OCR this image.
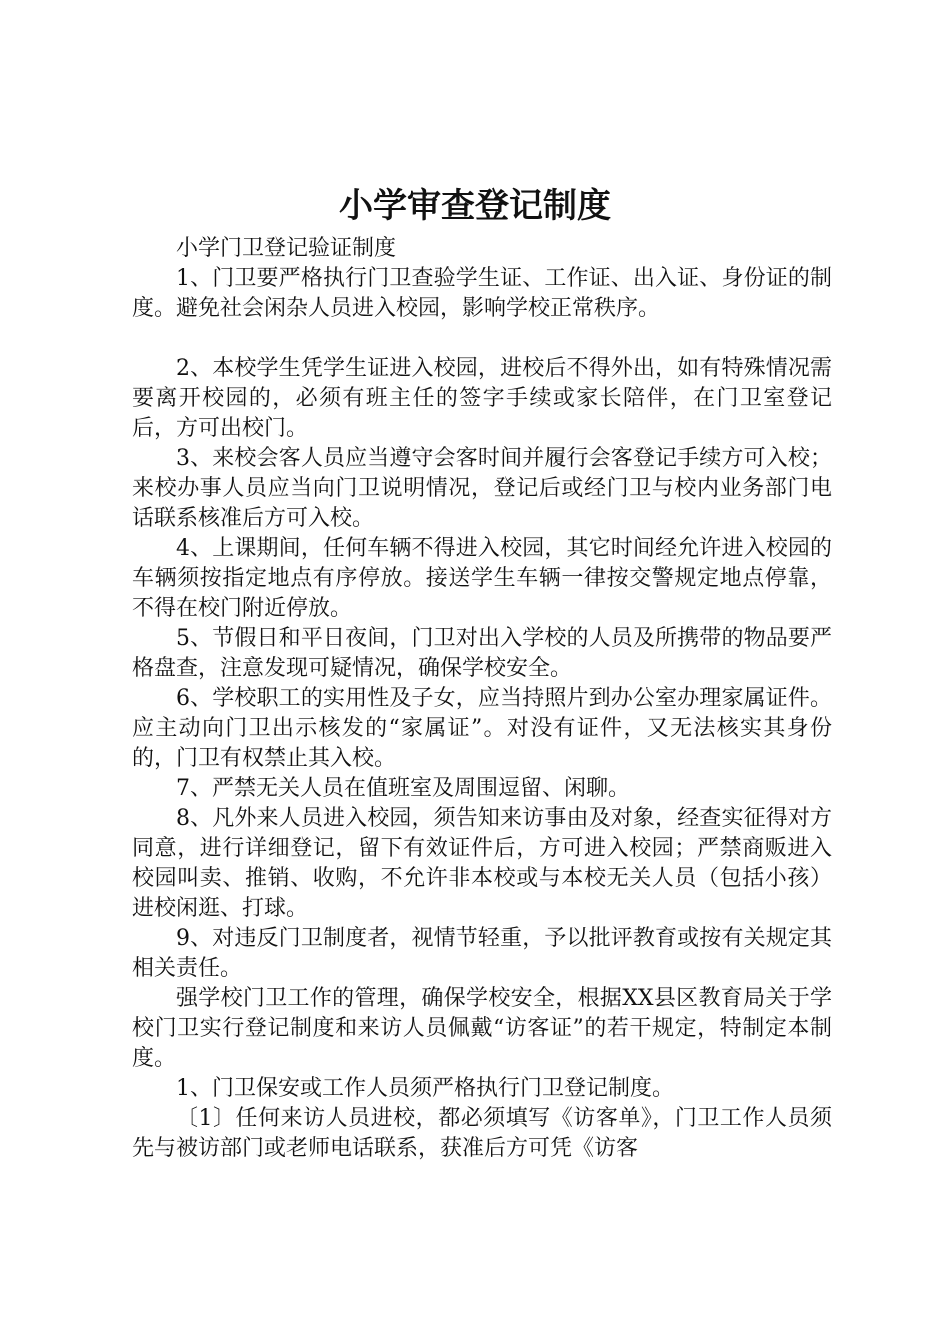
小学审查登记制度

小学门卫登记验证制度

1、门卫要严格执行门卫查验学生证、工作证、出入证、身份证的制度。避免社会闲杂人员进入校园，影响学校正常秩序。

2、本校学生凭学生证进入校园，进校后不得外出，如有特殊情况需要离开校园的，必须有班主任的签字手续或家长陪伴，在门卫室登记后，方可出校门。

3、来校会客人员应当遵守会客时间并履行会客登记手续方可入校；来校办事人员应当向门卫说明情况，登记后或经门卫与校内业务部门电话联系核准后方可入校。

4、上课期间，任何车辆不得进入校园，其它时间经允许进入校园的车辆须按指定地点有序停放。接送学生车辆一律按交警规定地点停靠，不得在校门附近停放。

5、节假日和平日夜间，门卫对出入学校的人员及所携带的物品要严格盘查，注意发现可疑情况，确保学校安全。

6、学校职工的实用性及子女，应当持照片到办公室办理家属证件。应主动向门卫出示核发的“家属证”。对没有证件，又无法核实其身份的，门卫有权禁止其入校。

7、严禁无关人员在值班室及周围逗留、闲聊。

8、凡外来人员进入校园，须告知来访事由及对象，经查实征得对方同意，进行详细登记，留下有效证件后，方可进入校园；严禁商贩进入校园叫卖、推销、收购，不允许非本校或与本校无关人员（包括小孩）进校闲逛、打球。

9、对违反门卫制度者，视情节轻重，予以批评教育或按有关规定其相关责任。

强学校门卫工作的管理，确保学校安全，根据XX县区教育局关于学校门卫实行登记制度和来访人员佩戴“访客证”的若干规定，特制定本制度。

1、门卫保安或工作人员须严格执行门卫登记制度。

〔1〕任何来访人员进校，都必须填写《访客单》，门卫工作人员须先与被访部门或老师电话联系，获准后方可凭《访客
